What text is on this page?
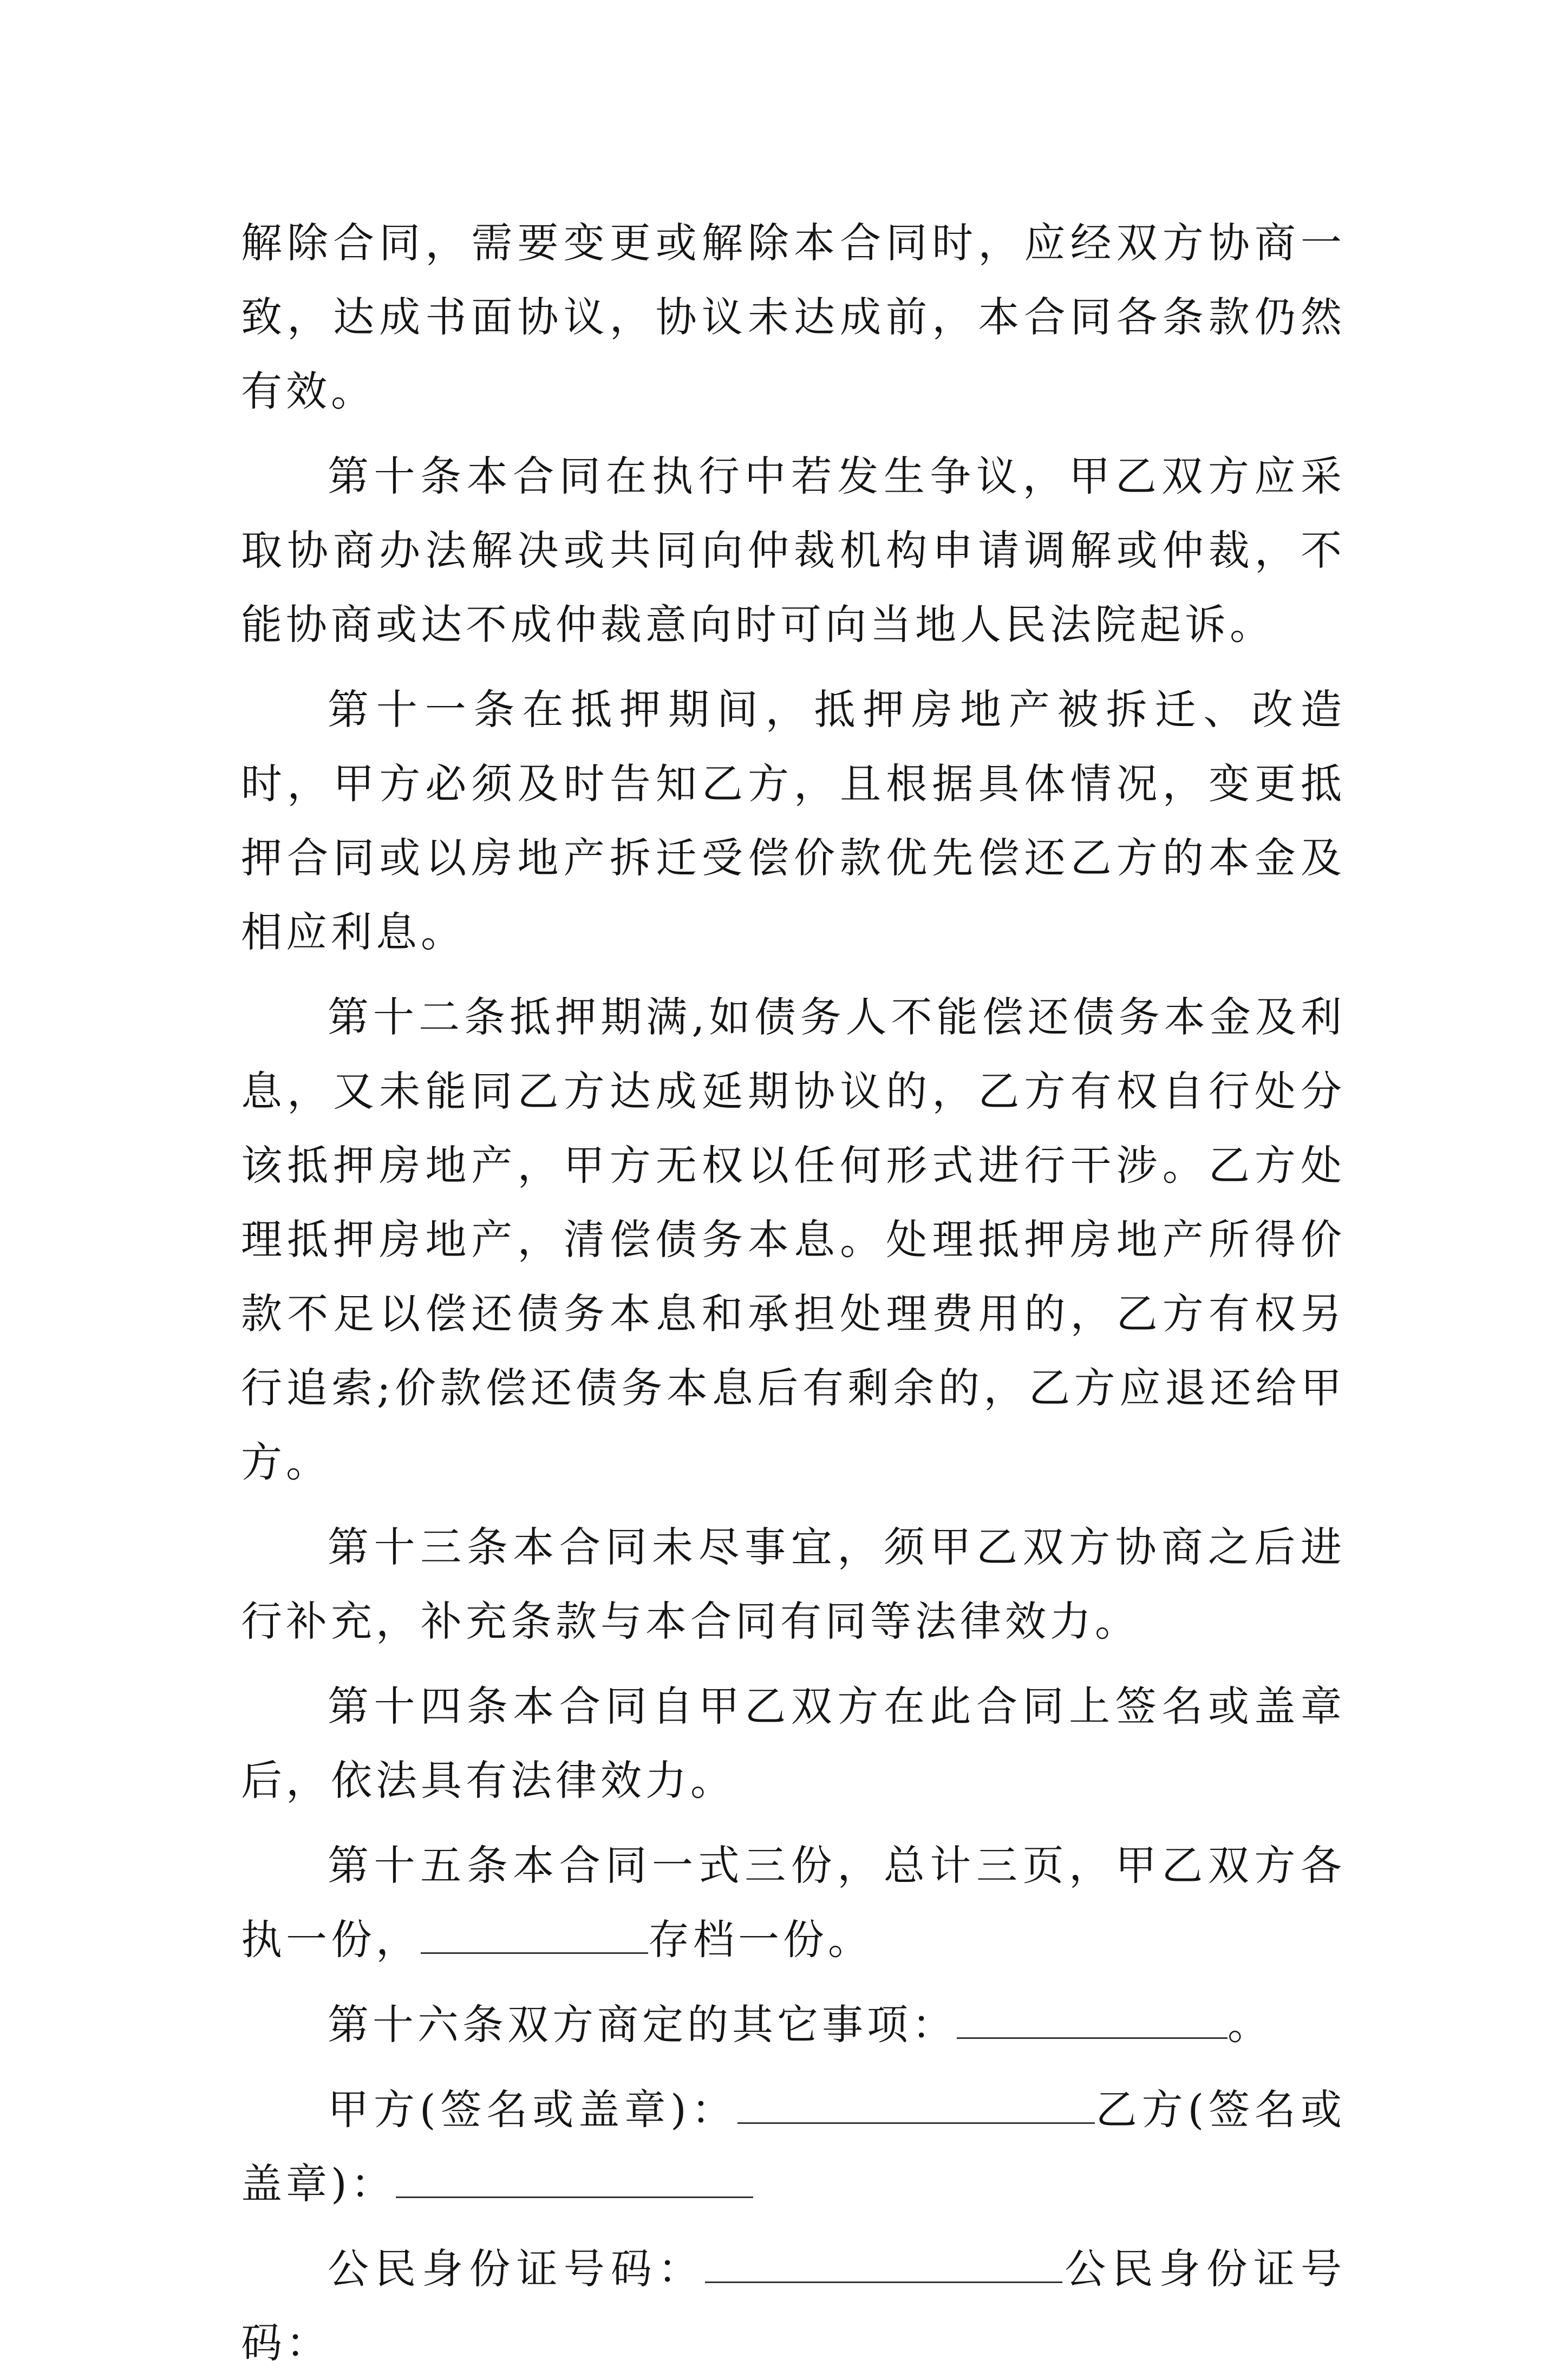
解除合同，需要变更或解除本合同时，应经双方协商一致，达成书面协议，协议未达成前，本合同各条款仍然有效。

第十条本合同在执行中若发生争议，甲乙双方应采取协商办法解决或共同向仲裁机构申请调解或仲裁，不能协商或达不成仲裁意向时可向当地人民法院起诉。

第十一条在抵押期间，抵押房地产被拆迁、改造时，甲方必须及时告知乙方，且根据具体情况，变更抵押合同或以房地产拆迁受偿价款优先偿还乙方的本金及相应利息。

第十二条抵押期满,如债务人不能偿还债务本金及利息，又未能同乙方达成延期协议的，乙方有权自行处分该抵押房地产，甲方无权以任何形式进行干涉。乙方处理抵押房地产，清偿债务本息。处理抵押房地产所得价款不足以偿还债务本息和承担处理费用的，乙方有权另行追索;价款偿还债务本息后有剩余的，乙方应退还给甲方。

第十三条本合同未尽事宜，须甲乙双方协商之后进行补充，补充条款与本合同有同等法律效力。

第十四条本合同自甲乙双方在此合同上签名或盖章后，依法具有法律效力。

第十五条本合同一式三份，总计三页，甲乙双方各执一份，	存档一份。

第十六条双方商定的其它事项：	。

甲方(签名或盖章)：	乙方(签名或盖章)：

公民身份证号码：	公民身份证号码：
